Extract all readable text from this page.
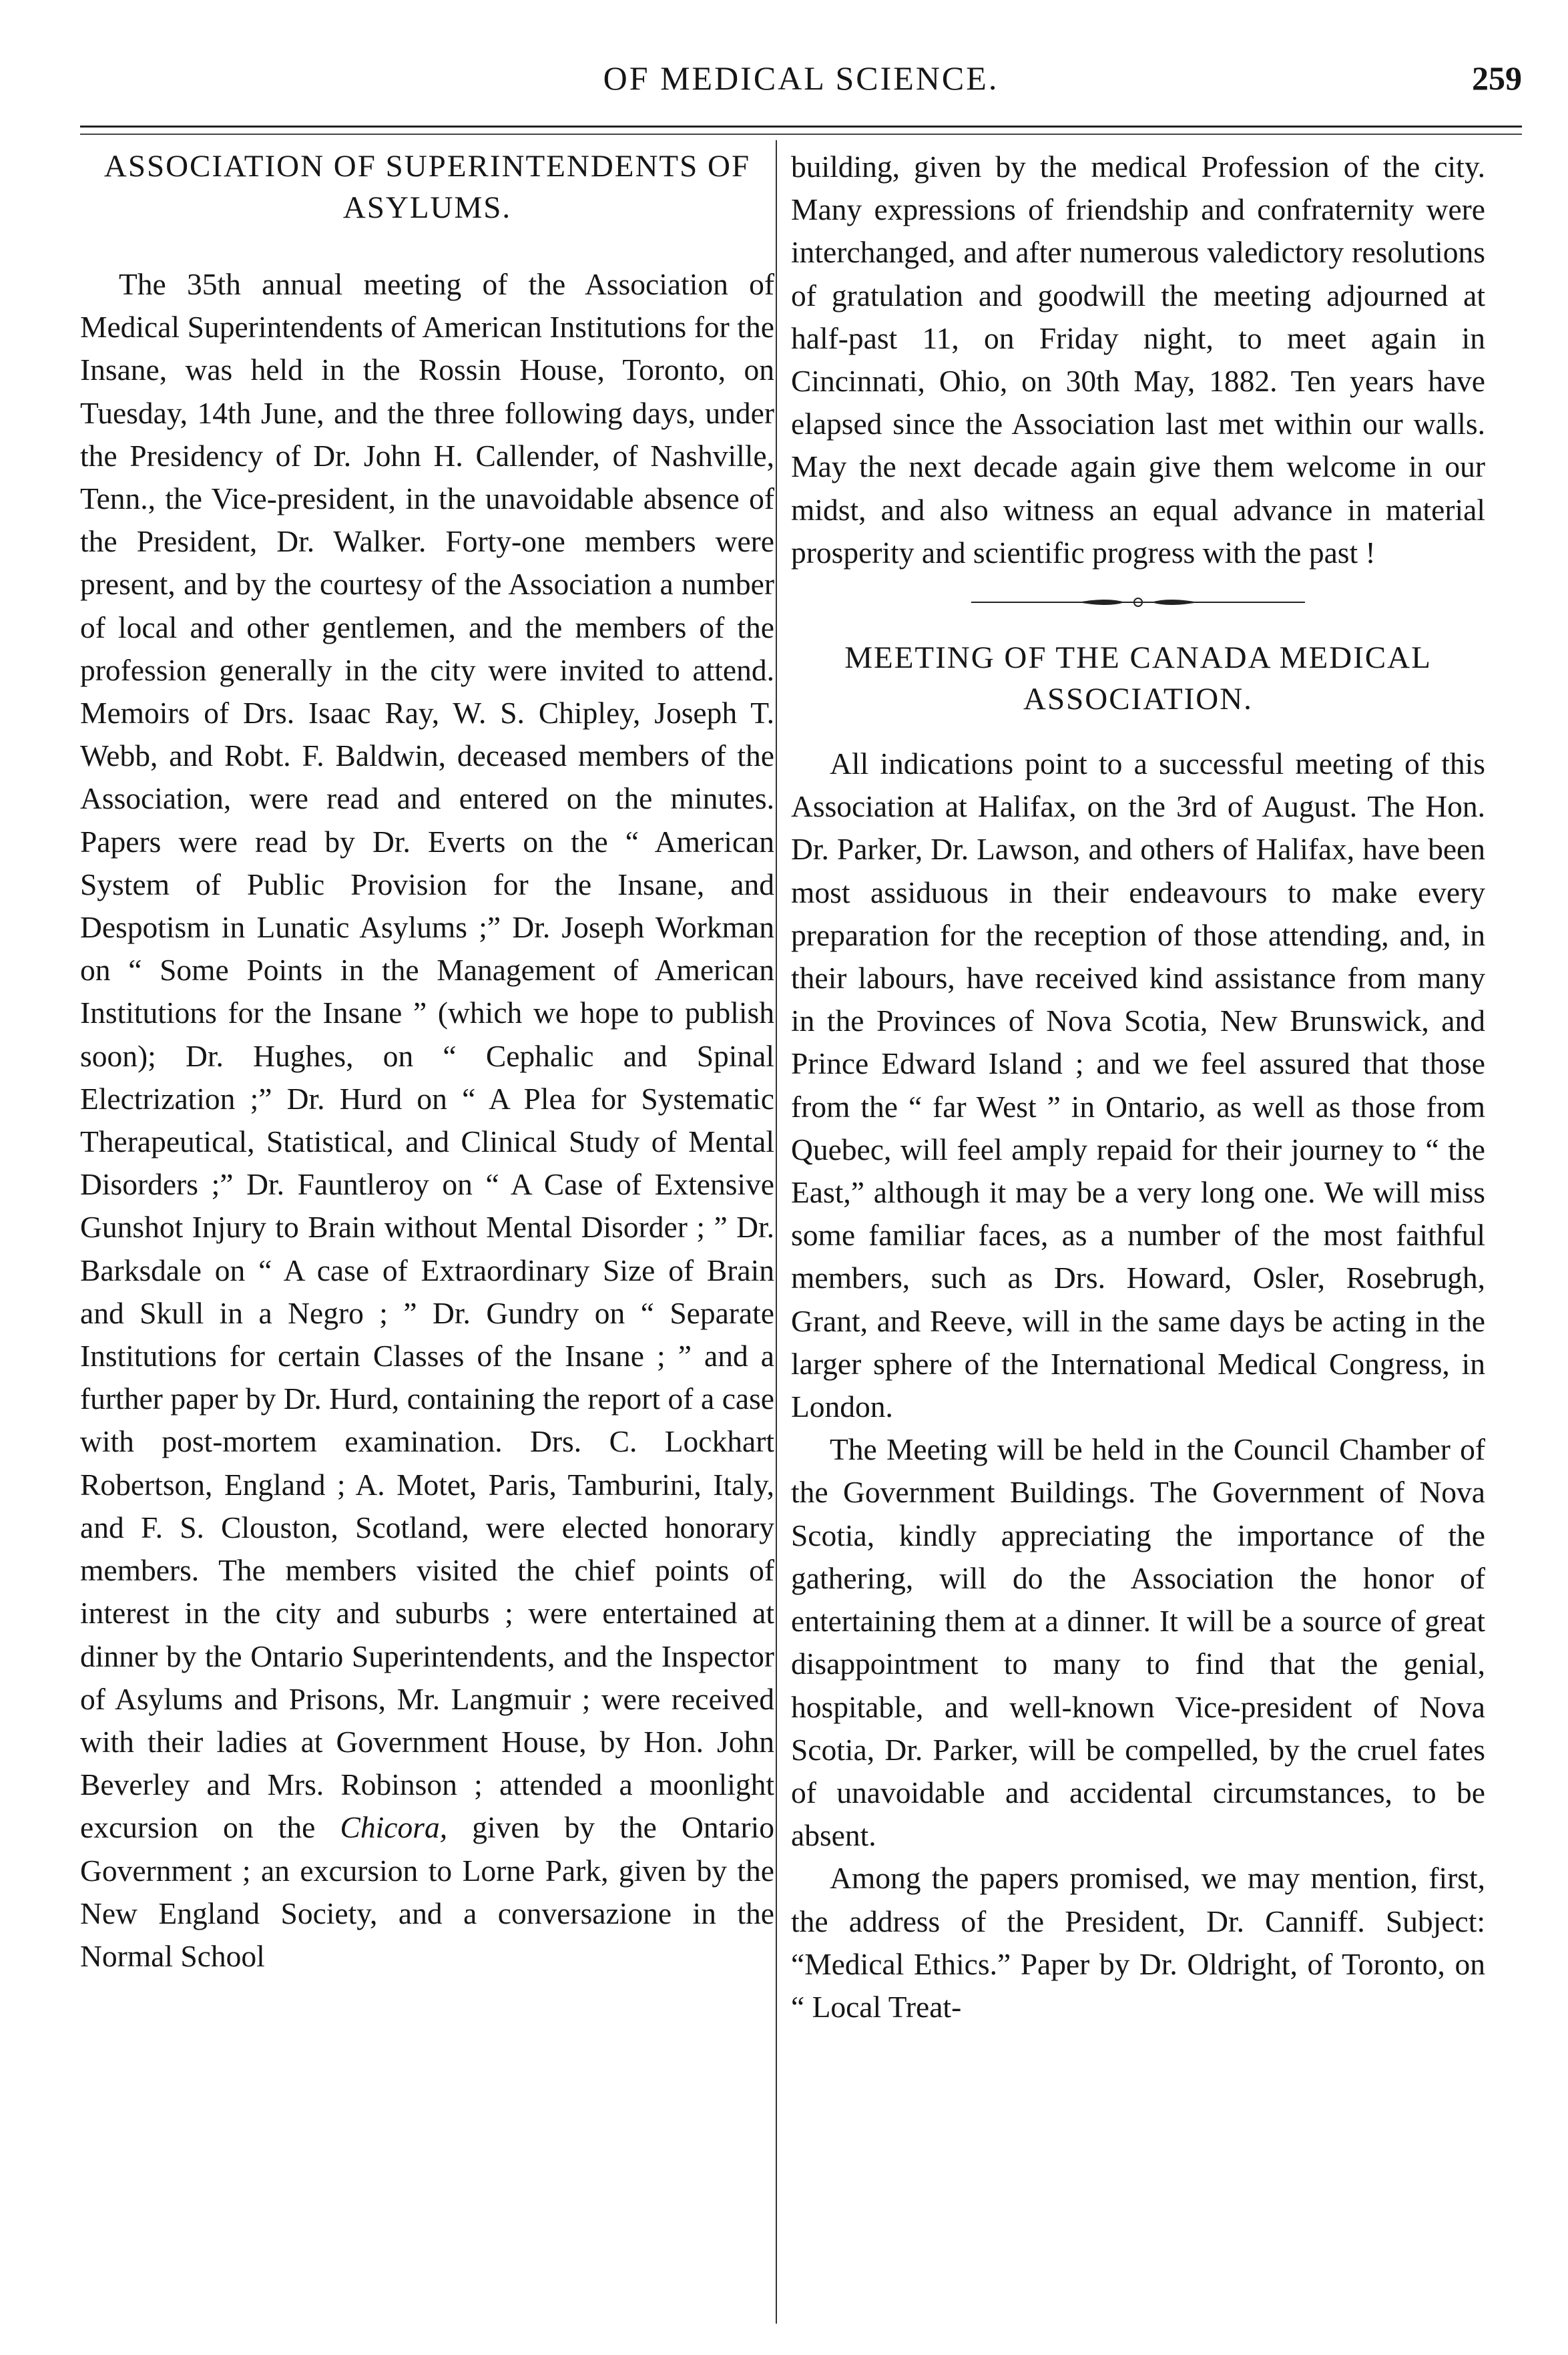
OF MEDICAL SCIENCE.	259
ASSOCIATION OF SUPERINTENDENTS OF ASYLUMS.

The 35th annual meeting of the Association of Medical Superintendents of American Institutions for the Insane, was held in the Rossin House, Toronto, on Tuesday, 14th June, and the three following days, under the Presidency of Dr. John H. Callender, of Nashville, Tenn., the Vice-president, in the unavoidable absence of the President, Dr. Walker. Forty-one members were present, and by the courtesy of the Association a number of local and other gentlemen, and the members of the profession generally in the city were invited to attend. Memoirs of Drs. Isaac Ray, W. S. Chipley, Joseph T. Webb, and Robt. F. Baldwin, deceased members of the Association, were read and entered on the minutes. Papers were read by Dr. Everts on the “ American System of Public Provision for the Insane, and Despotism in Lunatic Asylums ;” Dr. Joseph Workman on “ Some Points in the Management of American Institutions for the Insane ” (which we hope to publish soon); Dr. Hughes, on “ Cephalic and Spinal Electrization ;” Dr. Hurd on “ A Plea for Systematic Therapeutical, Statistical, and Clinical Study of Mental Disorders ;” Dr. Fauntleroy on “ A Case of Extensive Gunshot Injury to Brain without Mental Disorder ; ” Dr. Barksdale on “ A case of Extraordinary Size of Brain and Skull in a Negro ; ” Dr. Gundry on “ Separate Institutions for certain Classes of the Insane ; ” and a further paper by Dr. Hurd, containing the report of a case with post-mortem examination. Drs. C. Lockhart Robertson, England ; A. Motet, Paris, Tamburini, Italy, and F. S. Clouston, Scotland, were elected honorary members. The members visited the chief points of interest in the city and suburbs ; were entertained at dinner by the Ontario Superintendents, and the Inspector of Asylums and Prisons, Mr. Langmuir ; were received with their ladies at Government House, by Hon. John Beverley and Mrs. Robinson ; attended a moonlight excursion on the Chicora, given by the Ontario Government ; an excursion to Lorne Park, given by the New England Society, and a conversazione in the Normal School

building, given by the medical Profession of the city. Many expressions of friendship and confraternity were interchanged, and after numerous valedictory resolutions of gratulation and goodwill the meeting adjourned at half-past 11, on Friday night, to meet again in Cincinnati, Ohio, on 30th May, 1882. Ten years have elapsed since the Association last met within our walls. May the next decade again give them welcome in our midst, and also witness an equal advance in material prosperity and scientific progress with the past !

MEETING OF THE CANADA MEDICAL ASSOCIATION.

All indications point to a successful meeting of this Association at Halifax, on the 3rd of August. The Hon. Dr. Parker, Dr. Lawson, and others of Halifax, have been most assiduous in their endeavours to make every preparation for the reception of those attending, and, in their labours, have received kind assistance from many in the Provinces of Nova Scotia, New Brunswick, and Prince Edward Island ; and we feel assured that those from the “ far West ” in Ontario, as well as those from Quebec, will feel amply repaid for their journey to “ the East,” although it may be a very long one. We will miss some familiar faces, as a number of the most faithful members, such as Drs. Howard, Osler, Rosebrugh, Grant, and Reeve, will in the same days be acting in the larger sphere of the International Medical Congress, in London.

The Meeting will be held in the Council Chamber of the Government Buildings. The Government of Nova Scotia, kindly appreciating the importance of the gathering, will do the Association the honor of entertaining them at a dinner. It will be a source of great disappointment to many to find that the genial, hospitable, and well-known Vice-president of Nova Scotia, Dr. Parker, will be compelled, by the cruel fates of unavoidable and accidental circumstances, to be absent.

Among the papers promised, we may mention, first, the address of the President, Dr. Canniff. Subject: “Medical Ethics.” Paper by Dr. Oldright, of Toronto, on “ Local Treat-
